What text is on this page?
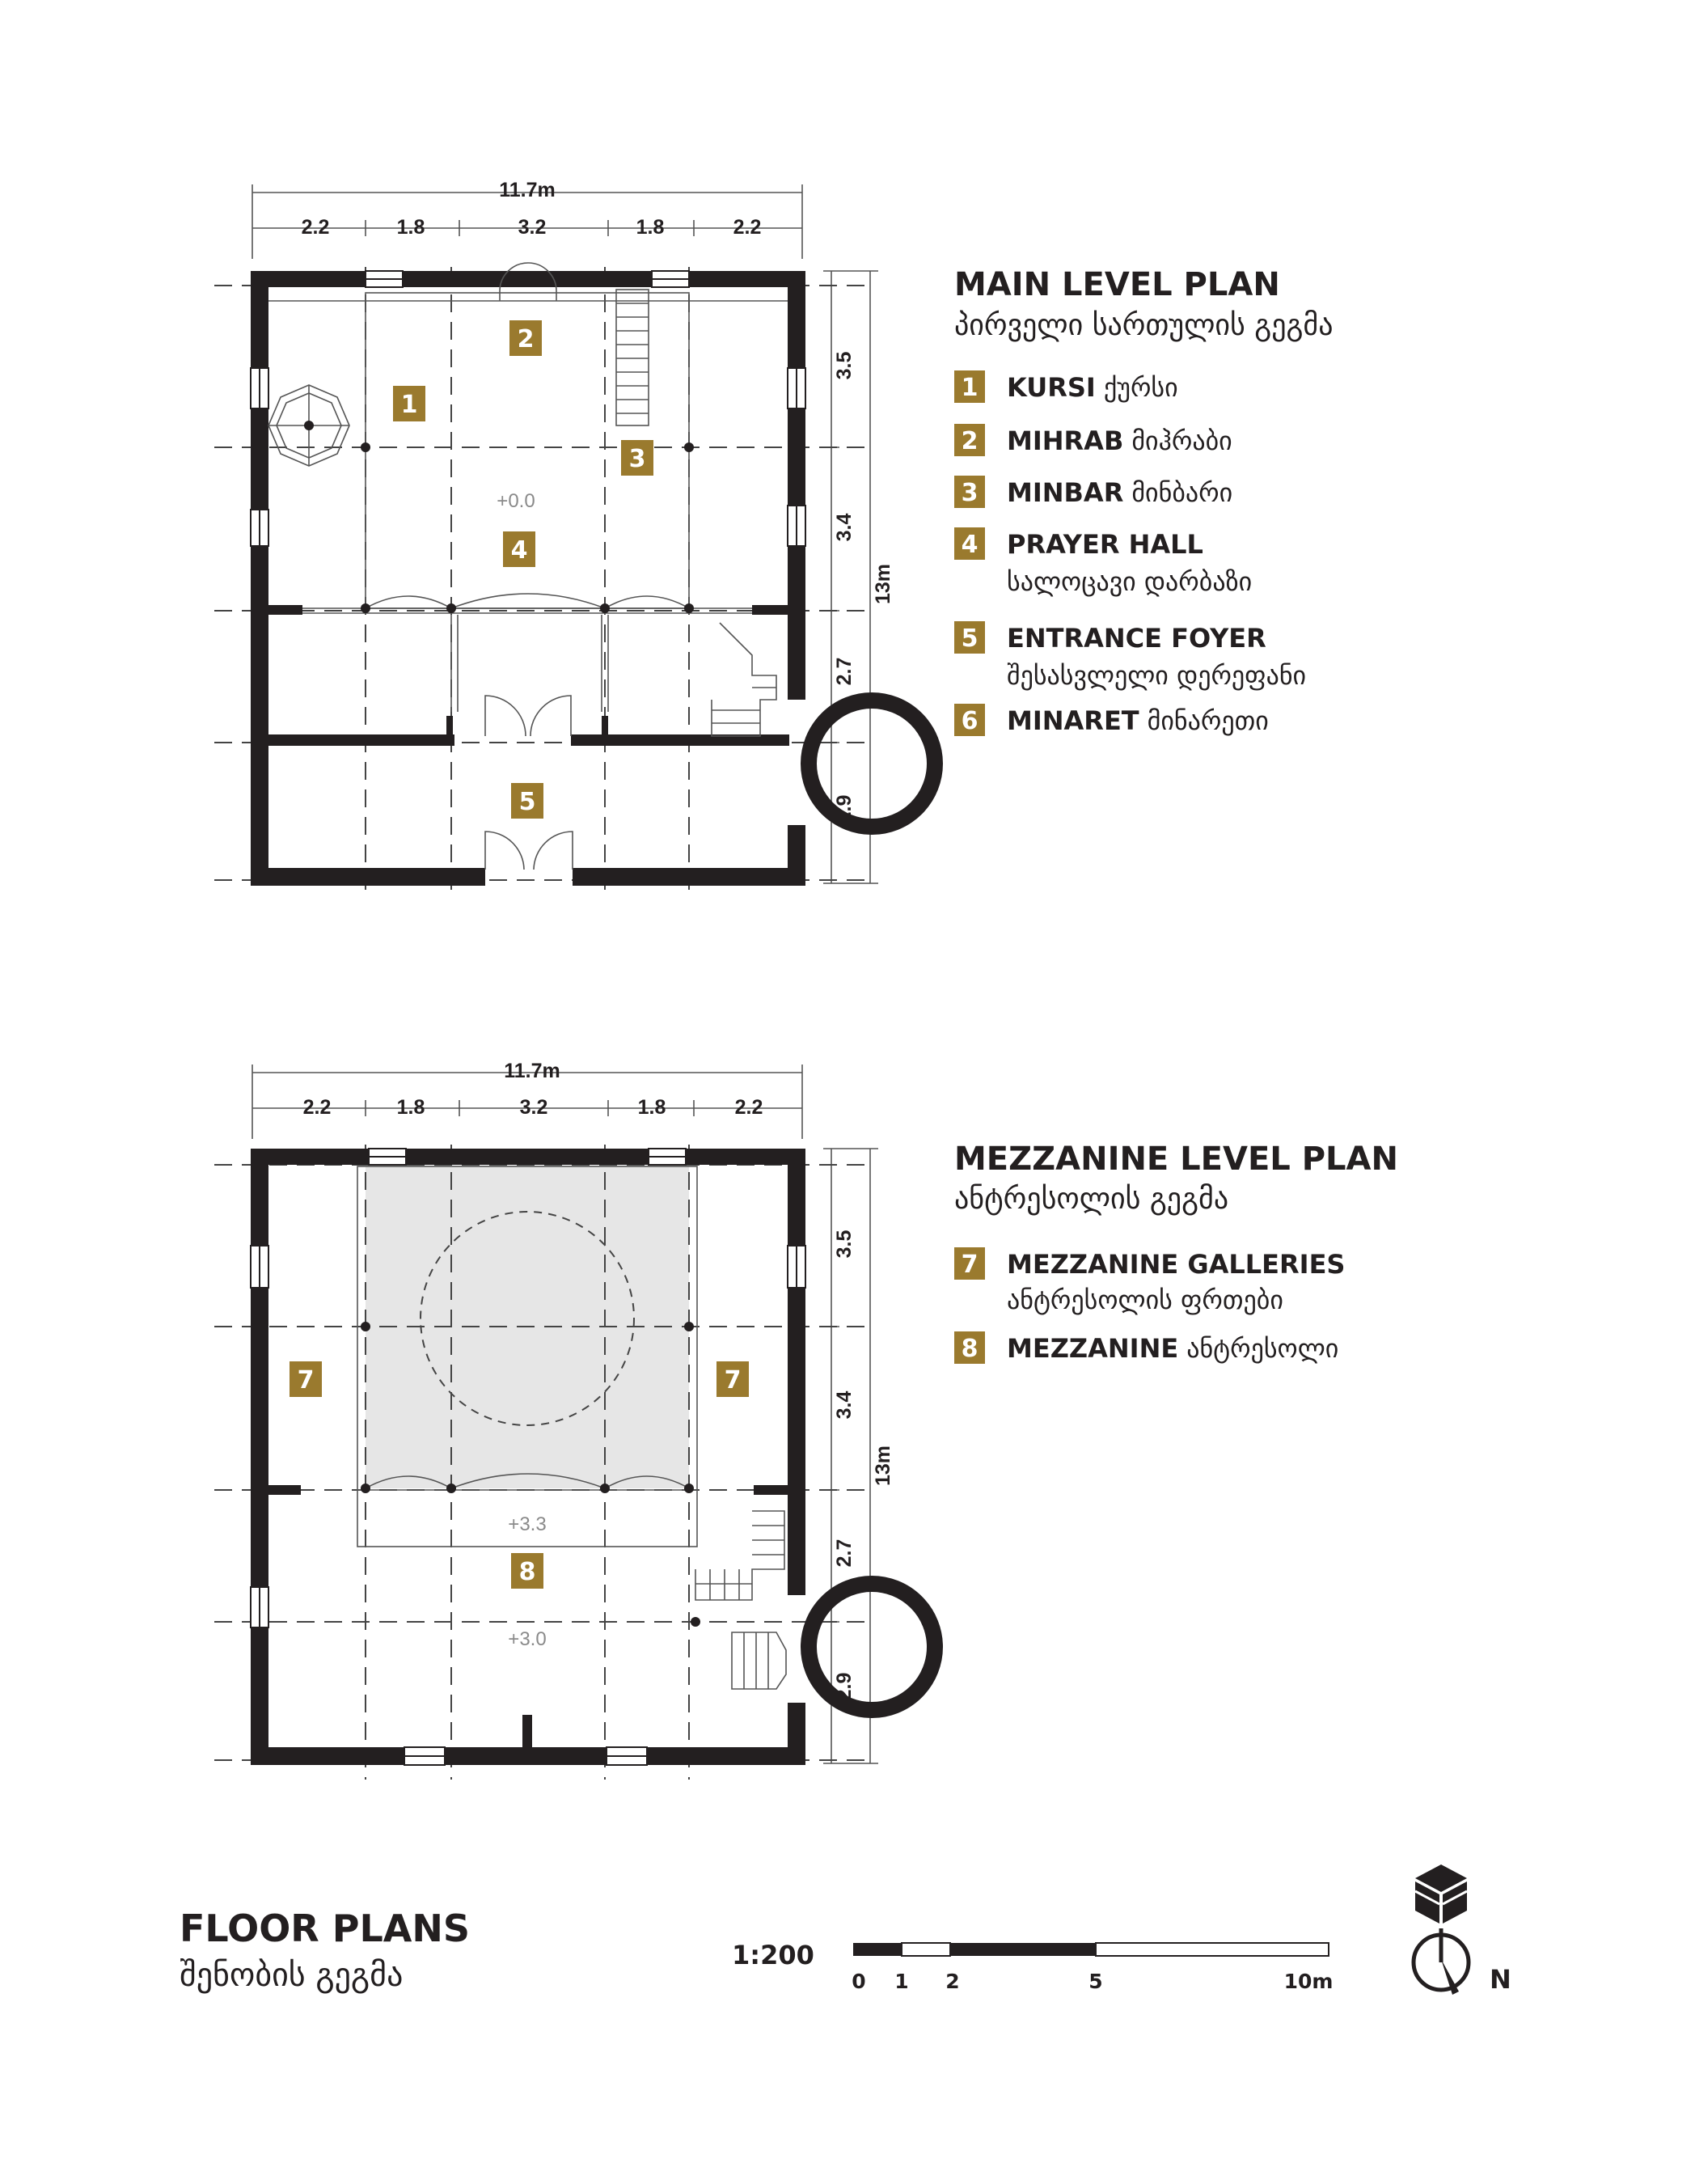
11.7m
2.2	1.8	3.2	1.8	2.2
3.5
3.4
2.7
2.9
13m
+0.0
1
2
3
4
5
MAIN LEVEL PLAN
პირველი სართულის გეგმა
1 KURSI ქურსი
2 MIHRAB მიჰრაბი
3 MINBAR მინბარი
4 PRAYER HALL
სალოცავი დარბაზი
5 ENTRANCE FOYER
შესასვლელი დერეფანი
6 MINARET მინარეთი
11.7m
2.2	1.8	3.2	1.8	2.2
3.5
3.4
2.7
2.9
13m
+3.3
+3.0
7	7
8
MEZZANINE LEVEL PLAN
ანტრესოლის გეგმა
7 MEZZANINE GALLERIES
ანტრესოლის ფრთები
8 MEZZANINE ანტრესოლი
FLOOR PLANS
შენობის გეგმა
1:200
0 1 2	5	10m	N
